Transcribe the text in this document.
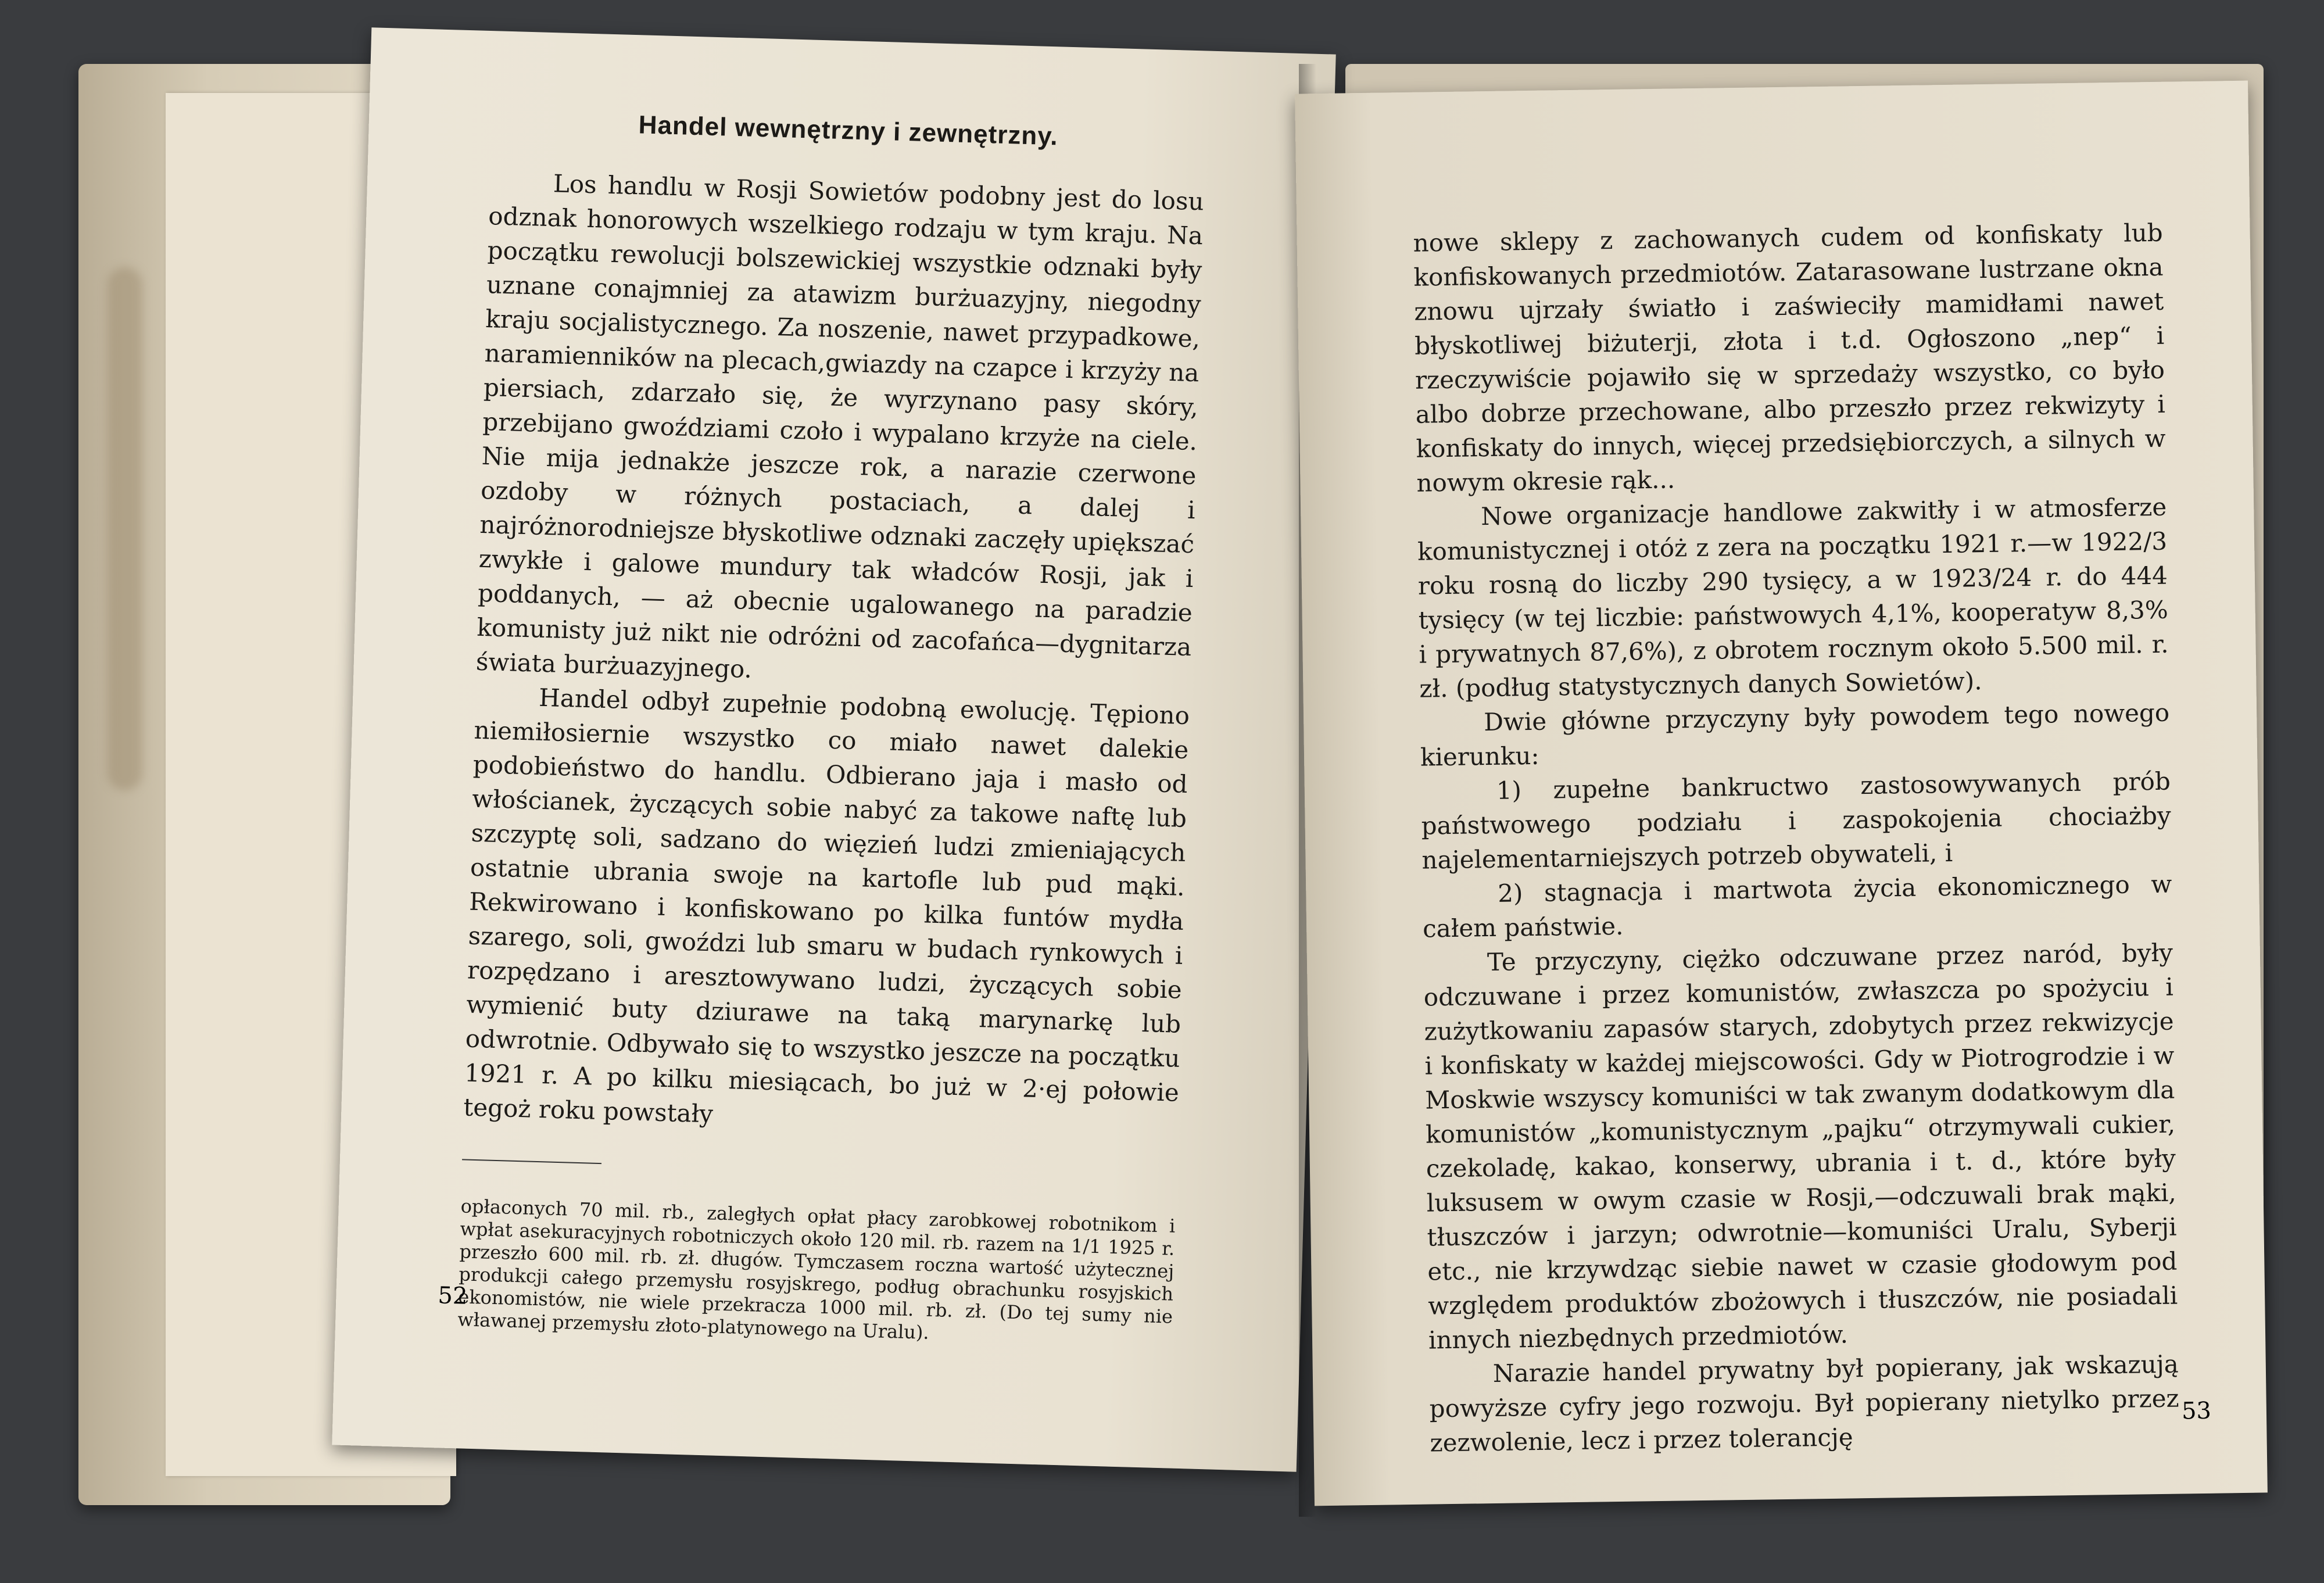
Handel wewnętrzny i zewnętrzny.

Los handlu w Rosji Sowietów podobny jest do losu odznak honorowych wszelkiego rodzaju w tym kraju. Na początku rewolucji bolszewickiej wszystkie odznaki były uznane conajmniej za atawizm burżuazyjny, niegodny kraju socjalistycznego. Za noszenie, nawet przypadkowe, naramienników na plecach,gwiazdy na czapce i krzyży na piersiach, zdarzało się, że wyrzynano pasy skóry, przebijano gwoździami czoło i wypalano krzyże na ciele. Nie mija jednakże jeszcze rok, a narazie czerwone ozdoby w różnych postaciach, a dalej i najróżnorodniejsze błyskotliwe odznaki zaczęły upiększać zwykłe i galowe mundury tak władców Rosji, jak i poddanych, — aż obecnie ugalowanego na paradzie komunisty już nikt nie odróżni od zacofańca—dygnitarza świata burżuazyjnego.

Handel odbył zupełnie podobną ewolucję. Tępiono niemiłosiernie wszystko co miało nawet dalekie podobieństwo do handlu. Odbierano jaja i masło od włościanek, życzących sobie nabyć za takowe naftę lub szczyptę soli, sadzano do więzień ludzi zmieniających ostatnie ubrania swoje na kartofle lub pud mąki. Rekwirowano i konfiskowano po kilka funtów mydła szarego, soli, gwoździ lub smaru w budach rynkowych i rozpędzano i aresztowywano ludzi, życzących sobie wymienić buty dziurawe na taką marynarkę lub odwrotnie. Odbywało się to wszystko jeszcze na początku 1921 r. A po kilku miesiącach, bo już w 2·ej połowie tegoż roku powstały

opłaconych 70 mil. rb., zaległych opłat płacy zarobkowej robotnikom i wpłat asekuracyjnych robotniczych około 120 mil. rb. razem na 1/1 1925 r. przeszło 600 mil. rb. zł. długów. Tymczasem roczna wartość użytecznej produkcji całego przemysłu rosyjskrego, podług obrachunku rosyjskich ekonomistów, nie wiele przekracza 1000 mil. rb. zł. (Do tej sumy nie wławanej przemysłu złoto-platynowego na Uralu).

52

nowe sklepy z zachowanych cudem od konfiskaty lub konfiskowanych przedmiotów. Zatarasowane lustrzane okna znowu ujrzały światło i zaświeciły mamidłami nawet błyskotliwej biżuterji, złota i t.d. Ogłoszono „nep“ i rzeczywiście pojawiło się w sprzedaży wszystko, co było albo dobrze przechowane, albo przeszło przez rekwizyty i konfiskaty do innych, więcej przedsiębiorczych, a silnych w nowym okresie rąk...

Nowe organizacje handlowe zakwitły i w atmosferze komunistycznej i otóż z zera na początku 1921 r.—w 1922/3 roku rosną do liczby 290 tysięcy, a w 1923/24 r. do 444 tysięcy (w tej liczbie: państwowych 4,1%, kooperatyw 8,3% i prywatnych 87,6%), z obrotem rocznym około 5.500 mil. r. zł. (podług statystycznych danych Sowietów).

Dwie główne przyczyny były powodem tego nowego kierunku:

1) zupełne bankructwo zastosowywanych prób państwowego podziału i zaspokojenia chociażby najelementarniejszych potrzeb obywateli, i

2) stagnacja i martwota życia ekonomicznego w całem państwie.

Te przyczyny, ciężko odczuwane przez naród, były odczuwane i przez komunistów, zwłaszcza po spożyciu i zużytkowaniu zapasów starych, zdobytych przez rekwizycje i konfiskaty w każdej miejscowości. Gdy w Piotrogrodzie i w Moskwie wszyscy komuniści w tak zwanym dodatkowym dla komunistów „komunistycznym „pajku“ otrzymywali cukier, czekoladę, kakao, konserwy, ubrania i t. d., które były luksusem w owym czasie w Rosji,—odczuwali brak mąki, tłuszczów i jarzyn; odwrotnie—komuniści Uralu, Syberji etc., nie krzywdząc siebie nawet w czasie głodowym pod względem produktów zbożowych i tłuszczów, nie posiadali innych niezbędnych przedmiotów.

Narazie handel prywatny był popierany, jak wskazują powyższe cyfry jego rozwoju. Był popierany nietylko przez zezwolenie, lecz i przez tolerancję

53
